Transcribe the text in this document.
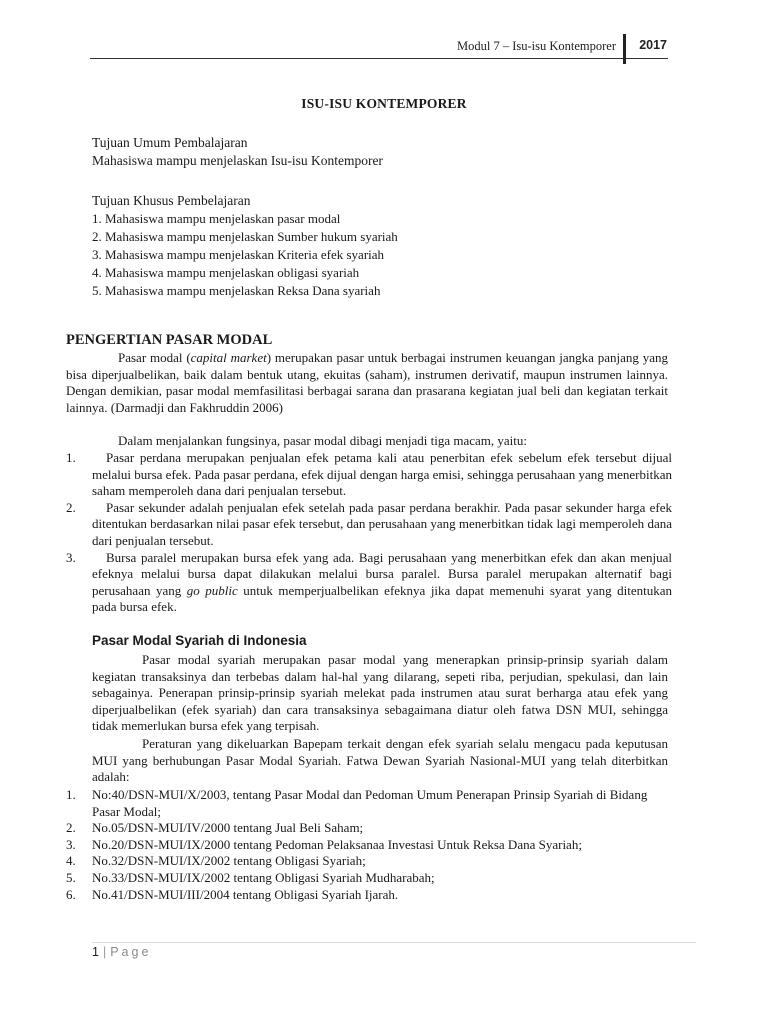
Modul 7 – Isu-isu Kontemporer 2017
ISU-ISU KONTEMPORER
Tujuan Umum Pembalajaran
Mahasiswa mampu menjelaskan Isu-isu Kontemporer
Tujuan Khusus Pembelajaran
1. Mahasiswa mampu menjelaskan pasar modal
2. Mahasiswa mampu menjelaskan Sumber hukum syariah
3. Mahasiswa mampu menjelaskan Kriteria efek syariah
4. Mahasiswa mampu menjelaskan obligasi syariah
5. Mahasiswa mampu menjelaskan Reksa Dana syariah
PENGERTIAN PASAR MODAL

Pasar modal (capital market) merupakan pasar untuk berbagai instrumen keuangan jangka panjang yang bisa diperjualbelikan, baik dalam bentuk utang, ekuitas (saham), instrumen derivatif, maupun instrumen lainnya. Dengan demikian, pasar modal memfasilitasi berbagai sarana dan prasarana kegiatan jual beli dan kegiatan terkait lainnya. (Darmadji dan Fakhruddin 2006)

Dalam menjalankan fungsinya, pasar modal dibagi menjadi tiga macam, yaitu:

1.	Pasar perdana merupakan penjualan efek petama kali atau penerbitan efek sebelum efek tersebut dijual melalui bursa efek. Pada pasar perdana, efek dijual dengan harga emisi, sehingga perusahaan yang menerbitkan saham memperoleh dana dari penjualan tersebut.

2.	Pasar sekunder adalah penjualan efek setelah pada pasar perdana berakhir. Pada pasar sekunder harga efek ditentukan berdasarkan nilai pasar efek tersebut, dan perusahaan yang menerbitkan tidak lagi memperoleh dana dari penjualan tersebut.

3.	Bursa paralel merupakan bursa efek yang ada. Bagi perusahaan yang menerbitkan efek dan akan menjual efeknya melalui bursa dapat dilakukan melalui bursa paralel. Bursa paralel merupakan alternatif bagi perusahaan yang go public untuk memperjualbelikan efeknya jika dapat memenuhi syarat yang ditentukan pada bursa efek.

Pasar Modal Syariah di Indonesia

Pasar modal syariah merupakan pasar modal yang menerapkan prinsip-prinsip syariah dalam kegiatan transaksinya dan terbebas dalam hal-hal yang dilarang, sepeti riba, perjudian, spekulasi, dan lain sebagainya. Penerapan prinsip-prinsip syariah melekat pada instrumen atau surat berharga atau efek yang diperjualbelikan (efek syariah) dan cara transaksinya sebagaimana diatur oleh fatwa DSN MUI, sehingga tidak memerlukan bursa efek yang terpisah.

Peraturan yang dikeluarkan Bapepam terkait dengan efek syariah selalu mengacu pada keputusan MUI yang berhubungan Pasar Modal Syariah. Fatwa Dewan Syariah Nasional-MUI yang telah diterbitkan adalah:

1. No:40/DSN-MUI/X/2003, tentang Pasar Modal dan Pedoman Umum Penerapan Prinsip Syariah di Bidang Pasar Modal;

2. No.05/DSN-MUI/IV/2000 tentang Jual Beli Saham;

3. No.20/DSN-MUI/IX/2000 tentang Pedoman Pelaksanaa Investasi Untuk Reksa Dana Syariah;

4. No.32/DSN-MUI/IX/2002 tentang Obligasi Syariah;

5. No.33/DSN-MUI/IX/2002 tentang Obligasi Syariah Mudharabah;

6. No.41/DSN-MUI/III/2004 tentang Obligasi Syariah Ijarah.

1 | Page
